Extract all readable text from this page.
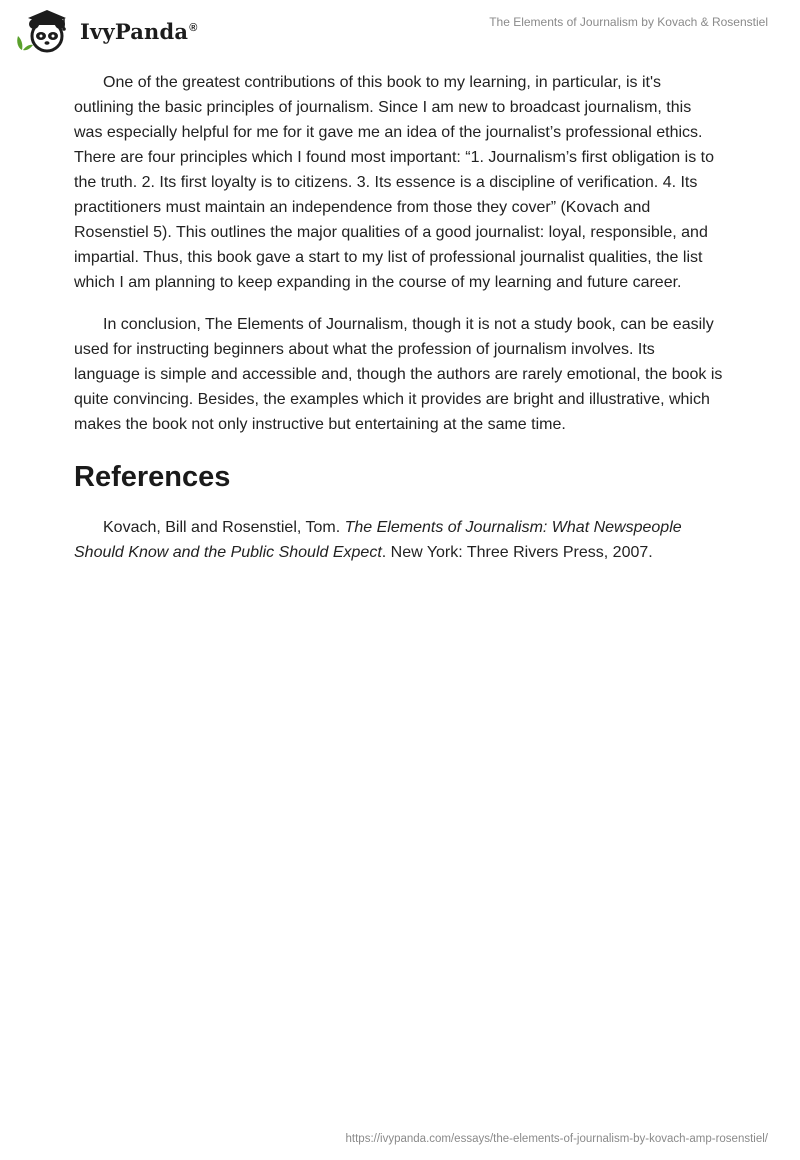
IvyPanda®	The Elements of Journalism by Kovach & Rosenstiel

One of the greatest contributions of this book to my learning, in particular, is it's outlining the basic principles of journalism. Since I am new to broadcast journalism, this was especially helpful for me for it gave me an idea of the journalist’s professional ethics. There are four principles which I found most important: “1. Journalism’s first obligation is to the truth. 2. Its first loyalty is to citizens. 3. Its essence is a discipline of verification. 4. Its practitioners must maintain an independence from those they cover” (Kovach and Rosenstiel 5). This outlines the major qualities of a good journalist: loyal, responsible, and impartial. Thus, this book gave a start to my list of professional journalist qualities, the list which I am planning to keep expanding in the course of my learning and future career.

In conclusion, The Elements of Journalism, though it is not a study book, can be easily used for instructing beginners about what the profession of journalism involves. Its language is simple and accessible and, though the authors are rarely emotional, the book is quite convincing. Besides, the examples which it provides are bright and illustrative, which makes the book not only instructive but entertaining at the same time.

References

Kovach, Bill and Rosenstiel, Tom. The Elements of Journalism: What Newspeople Should Know and the Public Should Expect. New York: Three Rivers Press, 2007.

https://ivypanda.com/essays/the-elements-of-journalism-by-kovach-amp-rosenstiel/
